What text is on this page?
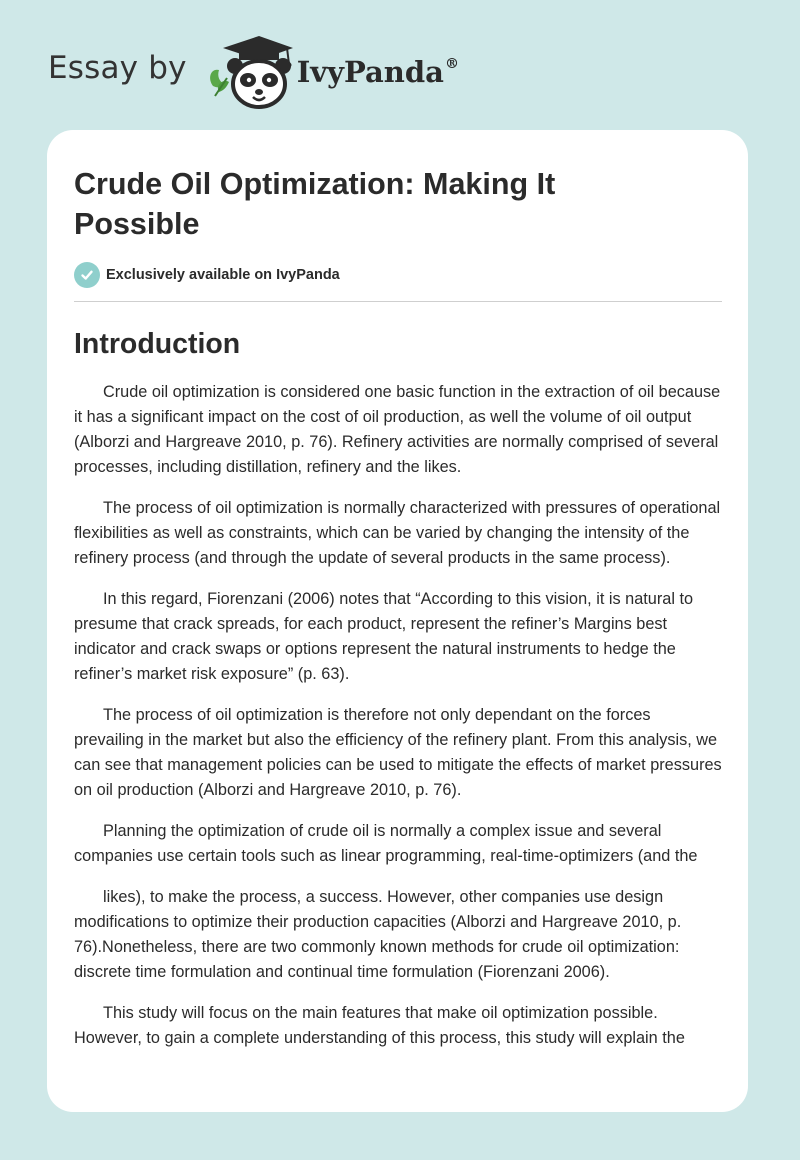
Essay by	IvyPanda®
Crude Oil Optimization: Making It Possible
Exclusively available on IvyPanda
Introduction

Crude oil optimization is considered one basic function in the extraction of oil because it has a significant impact on the cost of oil production, as well the volume of oil output (Alborzi and Hargreave 2010, p. 76). Refinery activities are normally comprised of several processes, including distillation, refinery and the likes.

The process of oil optimization is normally characterized with pressures of operational flexibilities as well as constraints, which can be varied by changing the intensity of the refinery process (and through the update of several products in the same process).

In this regard, Fiorenzani (2006) notes that “According to this vision, it is natural to presume that crack spreads, for each product, represent the refiner’s Margins best indicator and crack swaps or options represent the natural instruments to hedge the refiner’s market risk exposure” (p. 63).

The process of oil optimization is therefore not only dependant on the forces prevailing in the market but also the efficiency of the refinery plant. From this analysis, we can see that management policies can be used to mitigate the effects of market pressures on oil production (Alborzi and Hargreave 2010, p. 76).

Planning the optimization of crude oil is normally a complex issue and several companies use certain tools such as linear programming, real-time-optimizers (and the

likes), to make the process, a success. However, other companies use design modifications to optimize their production capacities (Alborzi and Hargreave 2010, p. 76).Nonetheless, there are two commonly known methods for crude oil optimization: discrete time formulation and continual time formulation (Fiorenzani 2006).

This study will focus on the main features that make oil optimization possible. However, to gain a complete understanding of this process, this study will explain the
